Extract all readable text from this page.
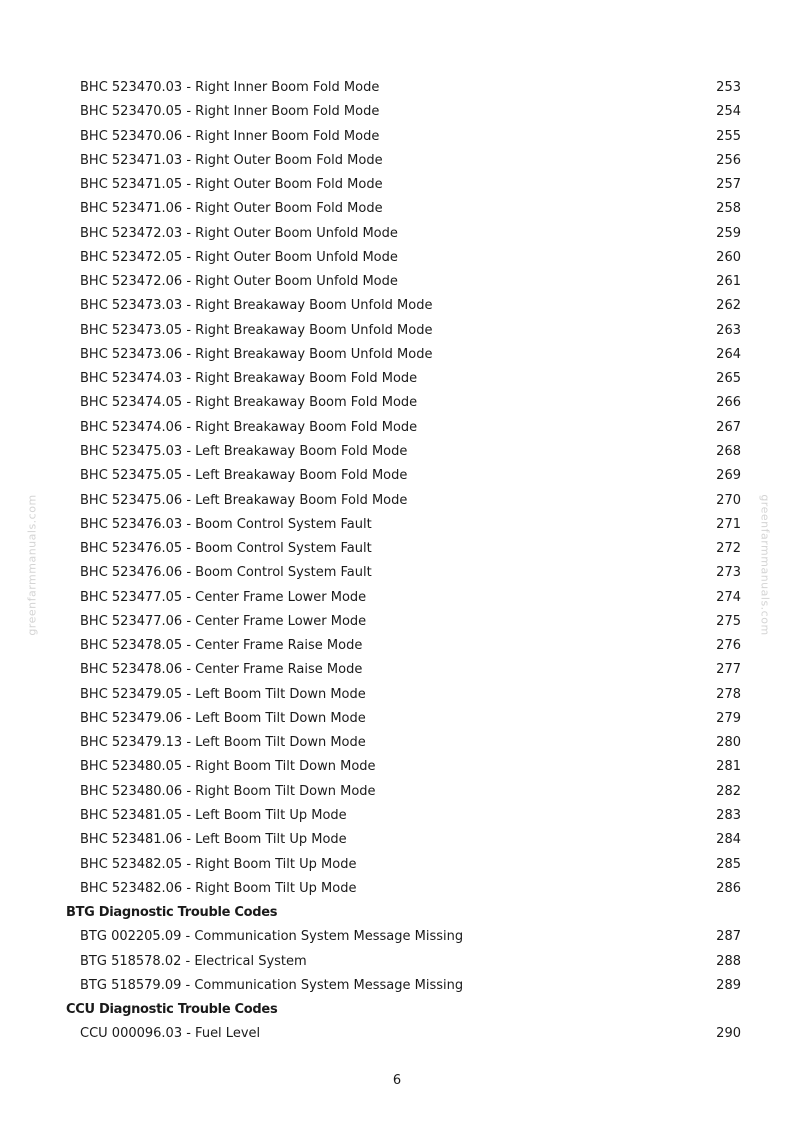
greenfarmmanuals.com	greenfarmmanuals.com
BHC 523470.03 - Right Inner Boom Fold Mode	253
BHC 523470.05 - Right Inner Boom Fold Mode	254
BHC 523470.06 - Right Inner Boom Fold Mode	255
BHC 523471.03 - Right Outer Boom Fold Mode	256
BHC 523471.05 - Right Outer Boom Fold Mode	257
BHC 523471.06 - Right Outer Boom Fold Mode	258
BHC 523472.03 - Right Outer Boom Unfold Mode	259
BHC 523472.05 - Right Outer Boom Unfold Mode	260
BHC 523472.06 - Right Outer Boom Unfold Mode	261
BHC 523473.03 - Right Breakaway Boom Unfold Mode	262
BHC 523473.05 - Right Breakaway Boom Unfold Mode	263
BHC 523473.06 - Right Breakaway Boom Unfold Mode	264
BHC 523474.03 - Right Breakaway Boom Fold Mode	265
BHC 523474.05 - Right Breakaway Boom Fold Mode	266
BHC 523474.06 - Right Breakaway Boom Fold Mode	267
BHC 523475.03 - Left Breakaway Boom Fold Mode	268
BHC 523475.05 - Left Breakaway Boom Fold Mode	269
BHC 523475.06 - Left Breakaway Boom Fold Mode	270
BHC 523476.03 - Boom Control System Fault	271
BHC 523476.05 - Boom Control System Fault	272
BHC 523476.06 - Boom Control System Fault	273
BHC 523477.05 - Center Frame Lower Mode	274
BHC 523477.06 - Center Frame Lower Mode	275
BHC 523478.05 - Center Frame Raise Mode	276
BHC 523478.06 - Center Frame Raise Mode	277
BHC 523479.05 - Left Boom Tilt Down Mode	278
BHC 523479.06 - Left Boom Tilt Down Mode	279
BHC 523479.13 - Left Boom Tilt Down Mode	280
BHC 523480.05 - Right Boom Tilt Down Mode	281
BHC 523480.06 - Right Boom Tilt Down Mode	282
BHC 523481.05 - Left Boom Tilt Up Mode	283
BHC 523481.06 - Left Boom Tilt Up Mode	284
BHC 523482.05 - Right Boom Tilt Up Mode	285
BHC 523482.06 - Right Boom Tilt Up Mode	286
BTG Diagnostic Trouble Codes
BTG 002205.09 - Communication System Message Missing	287
BTG 518578.02 - Electrical System	288
BTG 518579.09 - Communication System Message Missing	289
CCU Diagnostic Trouble Codes
CCU 000096.03 - Fuel Level	290
6
